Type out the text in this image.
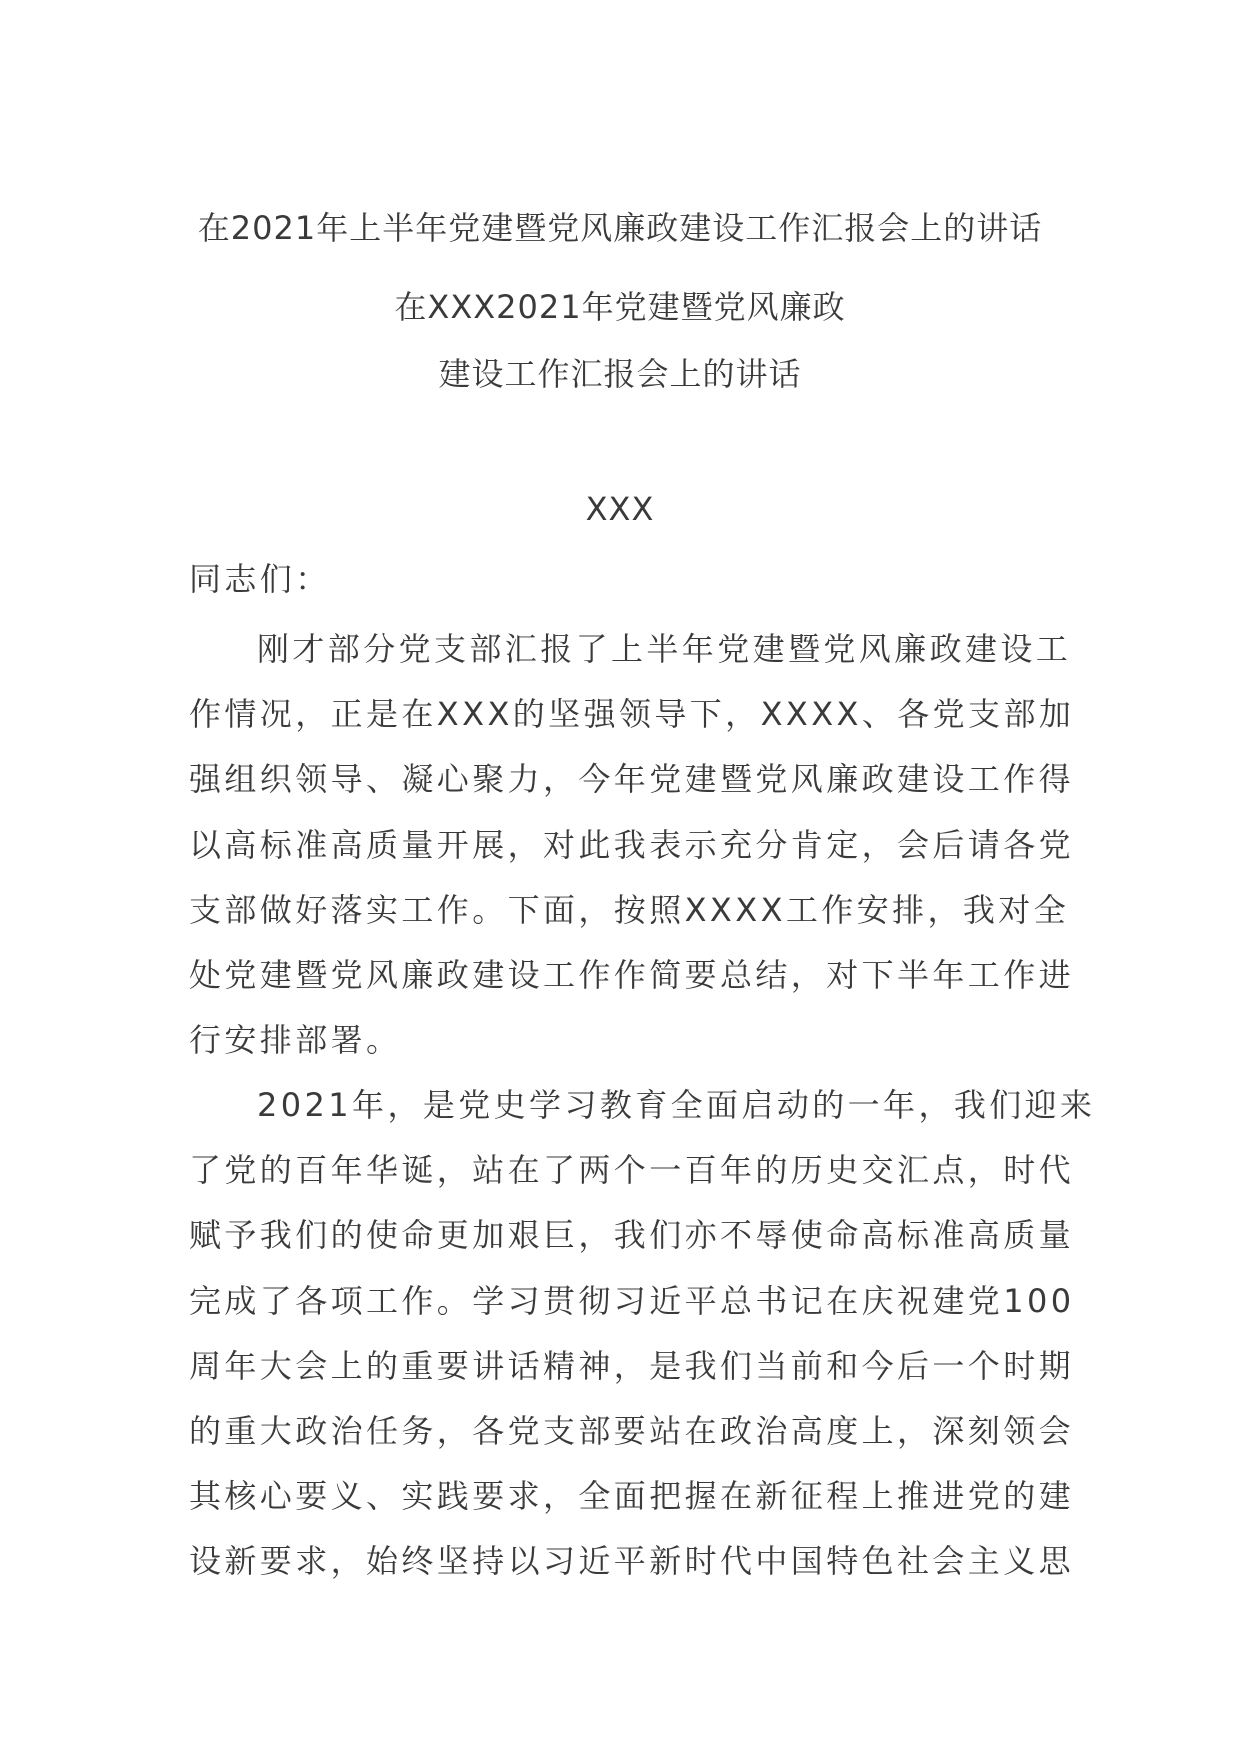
在2021年上半年党建暨党风廉政建设工作汇报会上的讲话
在XXX2021年党建暨党风廉政
建设工作汇报会上的讲话
XXX
同志们：
刚才部分党支部汇报了上半年党建暨党风廉政建设工
作情况，正是在XXX的坚强领导下，XXXX、各党支部加
强组织领导、凝心聚力，今年党建暨党风廉政建设工作得
以高标准高质量开展，对此我表示充分肯定，会后请各党
支部做好落实工作。下面，按照XXXX工作安排，我对全
处党建暨党风廉政建设工作作简要总结，对下半年工作进
行安排部署。
2021年，是党史学习教育全面启动的一年，我们迎来
了党的百年华诞，站在了两个一百年的历史交汇点，时代
赋予我们的使命更加艰巨，我们亦不辱使命高标准高质量
完成了各项工作。学习贯彻习近平总书记在庆祝建党100
周年大会上的重要讲话精神，是我们当前和今后一个时期
的重大政治任务，各党支部要站在政治高度上，深刻领会
其核心要义、实践要求，全面把握在新征程上推进党的建
设新要求，始终坚持以习近平新时代中国特色社会主义思
